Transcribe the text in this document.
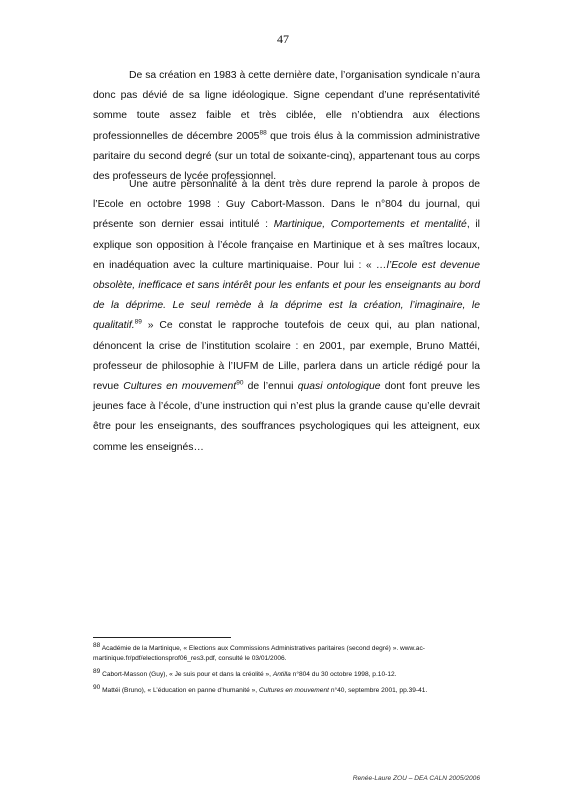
47

De sa création en 1983 à cette dernière date, l’organisation syndicale n’aura donc pas dévié de sa ligne idéologique. Signe cependant d’une représentativité somme toute assez faible et très ciblée, elle n’obtiendra aux élections professionnelles de décembre 2005$^{88}$ que trois élus à la commission administrative paritaire du second degré (sur un total de soixante-cinq), appartenant tous au corps des professeurs de lycée professionnel.

Une autre personnalité à la dent très dure reprend la parole à propos de l’Ecole en octobre 1998 : Guy Cabort-Masson. Dans le n°804 du journal, qui présente son dernier essai intitulé : Martinique, Comportements et mentalité, il explique son opposition à l’école française en Martinique et à ses maîtres locaux, en inadéquation avec la culture martiniquaise. Pour lui : « …l’Ecole est devenue obsolète, inefficace et sans intérêt pour les enfants et pour les enseignants au bord de la déprime. Le seul remède à la déprime est la création, l’imaginaire, le qualitatif.$^{89}$ » Ce constat le rapproche toutefois de ceux qui, au plan national, dénoncent la crise de l’institution scolaire : en 2001, par exemple, Bruno Mattéi, professeur de philosophie à l’IUFM de Lille, parlera dans un article rédigé pour la revue Cultures en mouvement$^{90}$ de l’ennui quasi ontologique dont font preuve les jeunes face à l’école, d’une instruction qui n’est plus la grande cause qu’elle devrait être pour les enseignants, des souffrances psychologiques qui les atteignent, eux comme les enseignés…

$^{88}$ Académie de la Martinique, « Elections aux Commissions Administratives paritaires (second degré) ». www.ac-martinique.fr/pdf/electionsprof06_res3.pdf, consulté le 03/01/2006.

$^{89}$ Cabort-Masson (Guy), « Je suis pour et dans la créolité », Antilla n°804 du 30 octobre 1998, p.10-12.

$^{90}$ Mattéi (Bruno), « L’éducation en panne d’humanité », Cultures en mouvement n°40, septembre 2001, pp.39-41.

Renée-Laure ZOU – DEA CALN 2005/2006
